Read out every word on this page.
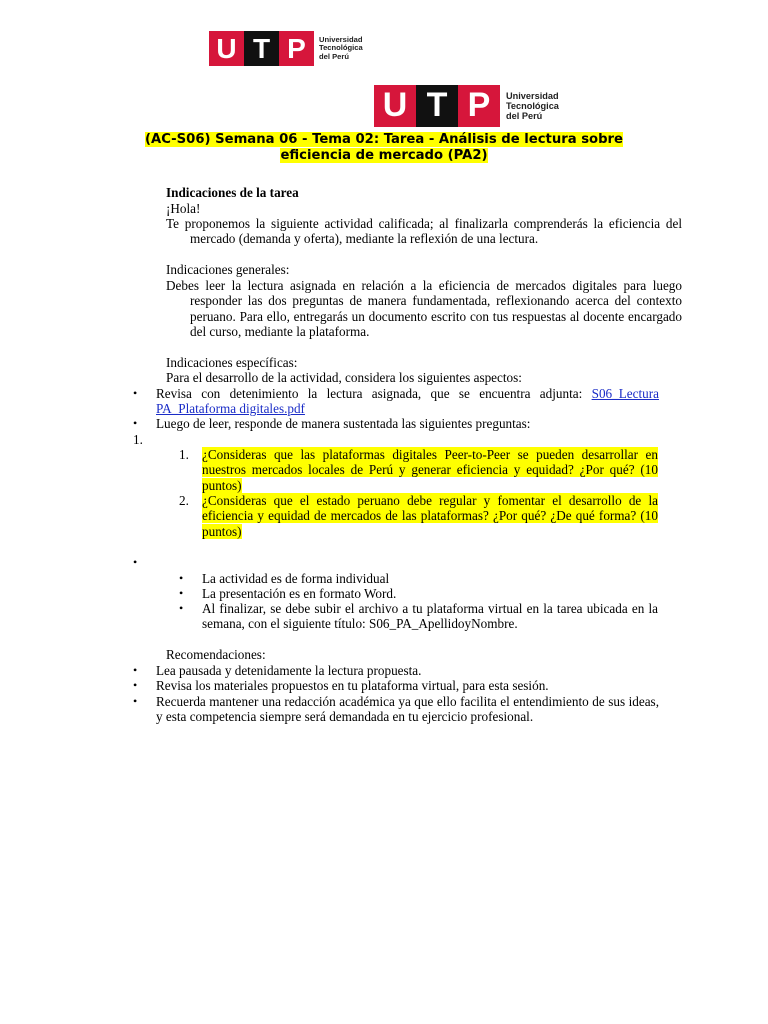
U T P	Universidad
Tecnológica
del Perú
U T P	Universidad
Tecnológica
del Perú
(AC-S06) Semana 06 - Tema 02: Tarea - Análisis de lectura sobre
eficiencia de mercado (PA2)
Indicaciones de la tarea
¡Hola!
Te proponemos la siguiente actividad calificada; al finalizarla comprenderás la eficiencia del mercado (demanda y oferta), mediante la reflexión de una lectura.
Indicaciones generales:
Debes leer la lectura asignada en relación a la eficiencia de mercados digitales para luego responder las dos preguntas de manera fundamentada, reflexionando acerca del contexto peruano. Para ello, entregarás un documento escrito con tus respuestas al docente encargado del curso, mediante la plataforma.
Indicaciones específicas:
Para el desarrollo de la actividad, considera los siguientes aspectos:
• Revisa con detenimiento la lectura asignada, que se encuentra adjunta: S06_Lectura PA_Plataforma digitales.pdf
• Luego de leer, responde de manera sustentada las siguientes preguntas:
1.
1. ¿Consideras que las plataformas digitales Peer-to-Peer se pueden desarrollar en nuestros mercados locales de Perú y generar eficiencia y equidad? ¿Por qué? (10 puntos)
2. ¿Consideras que el estado peruano debe regular y fomentar el desarrollo de la eficiencia y equidad de mercados de las plataformas? ¿Por qué? ¿De qué forma? (10 puntos)
•
• La actividad es de forma individual
• La presentación es en formato Word.
• Al finalizar, se debe subir el archivo a tu plataforma virtual en la tarea ubicada en la semana, con el siguiente título: S06_PA_ApellidoyNombre.
Recomendaciones:
• Lea pausada y detenidamente la lectura propuesta.
• Revisa los materiales propuestos en tu plataforma virtual, para esta sesión.
• Recuerda mantener una redacción académica ya que ello facilita el entendimiento de sus ideas, y esta competencia siempre será demandada en tu ejercicio profesional.
